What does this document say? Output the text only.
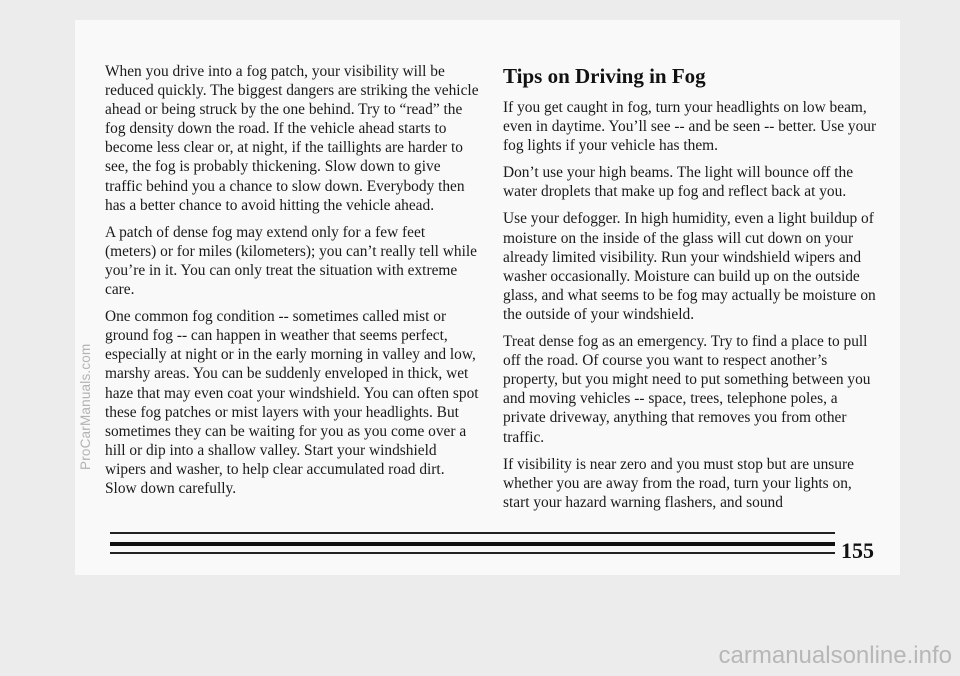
When you drive into a fog patch, your visibility will be reduced quickly. The biggest dangers are striking the vehicle ahead or being struck by the one behind. Try to “read” the fog density down the road. If the vehicle ahead starts to become less clear or, at night, if the taillights are harder to see, the fog is probably thickening. Slow down to give traffic behind you a chance to slow down. Everybody then has a better chance to avoid hitting the vehicle ahead.

A patch of dense fog may extend only for a few feet (meters) or for miles (kilometers); you can’t really tell while you’re in it. You can only treat the situation with extreme care.

One common fog condition -- sometimes called mist or ground fog -- can happen in weather that seems perfect, especially at night or in the early morning in valley and low, marshy areas. You can be suddenly enveloped in thick, wet haze that may even coat your windshield. You can often spot these fog patches or mist layers with your headlights. But sometimes they can be waiting for you as you come over a hill or dip into a shallow valley. Start your windshield wipers and washer, to help clear accumulated road dirt. Slow down carefully.

Tips on Driving in Fog

If you get caught in fog, turn your headlights on low beam, even in daytime. You’ll see -- and be seen -- better. Use your fog lights if your vehicle has them.

Don’t use your high beams. The light will bounce off the water droplets that make up fog and reflect back at you.

Use your defogger. In high humidity, even a light buildup of moisture on the inside of the glass will cut down on your already limited visibility. Run your windshield wipers and washer occasionally. Moisture can build up on the outside glass, and what seems to be fog may actually be moisture on the outside of your windshield.

Treat dense fog as an emergency. Try to find a place to pull off the road. Of course you want to respect another’s property, but you might need to put something between you and moving vehicles -- space, trees, telephone poles, a private driveway, anything that removes you from other traffic.

If visibility is near zero and you must stop but are unsure whether you are away from the road, turn your lights on, start your hazard warning flashers, and sound

155
ProCarManuals.com
carmanualsonline.info
